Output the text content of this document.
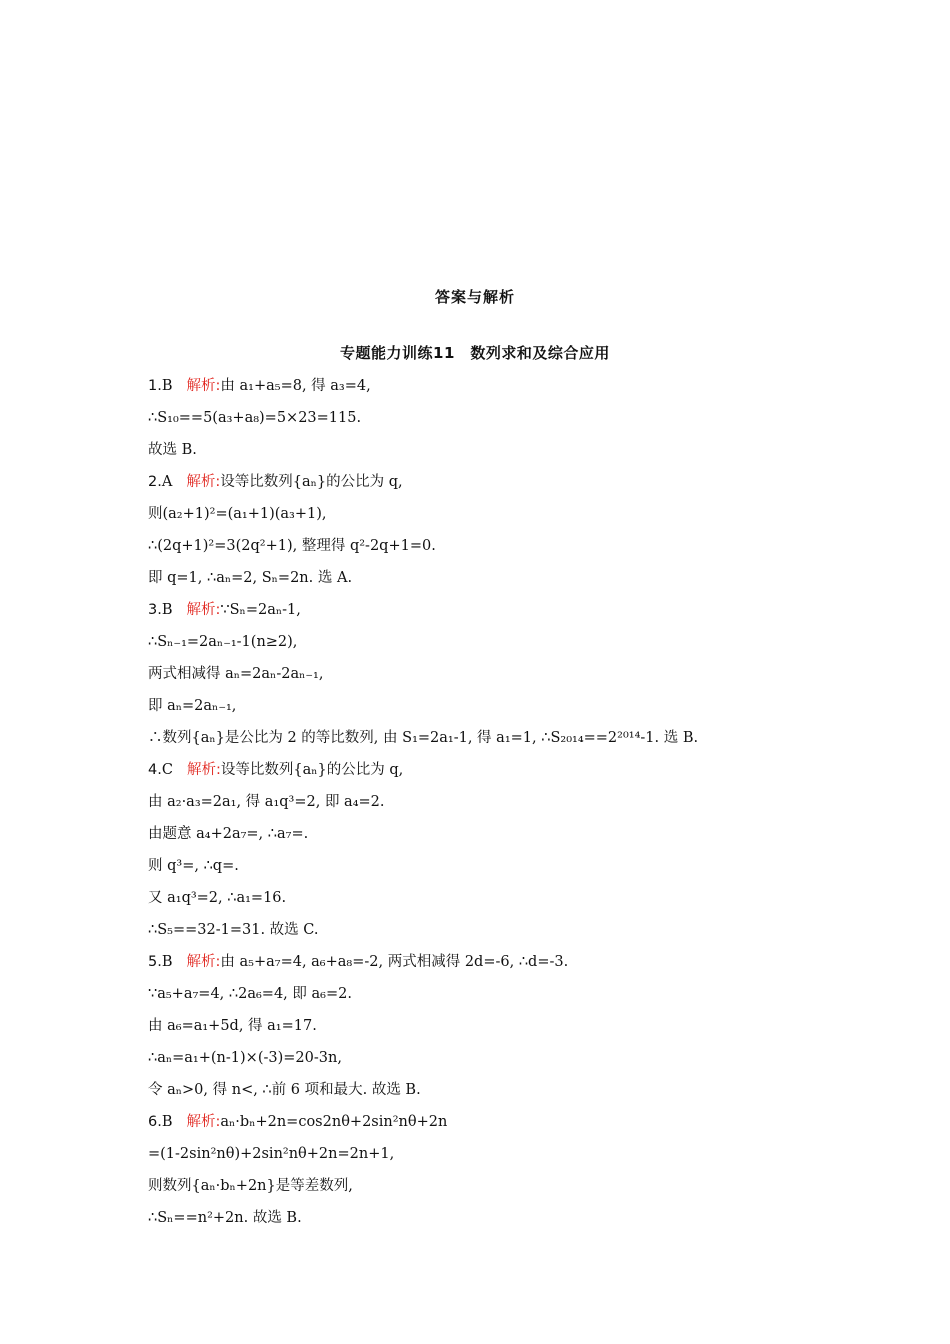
答案与解析
专题能力训练11　数列求和及综合应用
1.B 解析:由 a₁+a₅=8, 得 a₃=4,
∴S₁₀==5(a₃+a₈)=5×23=115.
故选 B.
2.A 解析:设等比数列{aₙ}的公比为 q,
则(a₂+1)²=(a₁+1)(a₃+1),
∴(2q+1)²=3(2q²+1), 整理得 q²-2q+1=0.
即 q=1, ∴aₙ=2, Sₙ=2n. 选 A.
3.B 解析:∵Sₙ=2aₙ-1,
∴Sₙ₋₁=2aₙ₋₁-1(n≥2),
两式相减得 aₙ=2aₙ-2aₙ₋₁,
即 aₙ=2aₙ₋₁,
∴数列{aₙ}是公比为 2 的等比数列, 由 S₁=2a₁-1, 得 a₁=1, ∴S₂₀₁₄==2²⁰¹⁴-1. 选 B.
4.C 解析:设等比数列{aₙ}的公比为 q,
由 a₂·a₃=2a₁, 得 a₁q³=2, 即 a₄=2.
由题意 a₄+2a₇=, ∴a₇=.
则 q³=, ∴q=.
又 a₁q³=2, ∴a₁=16.
∴S₅==32-1=31. 故选 C.
5.B 解析:由 a₅+a₇=4, a₆+a₈=-2, 两式相减得 2d=-6, ∴d=-3.
∵a₅+a₇=4, ∴2a₆=4, 即 a₆=2.
由 a₆=a₁+5d, 得 a₁=17.
∴aₙ=a₁+(n-1)×(-3)=20-3n,
令 aₙ>0, 得 n<, ∴前 6 项和最大. 故选 B.
6.B 解析:aₙ·bₙ+2n=cos2nθ+2sin²nθ+2n
=(1-2sin²nθ)+2sin²nθ+2n=2n+1,
则数列{aₙ·bₙ+2n}是等差数列,
∴Sₙ==n²+2n. 故选 B.
